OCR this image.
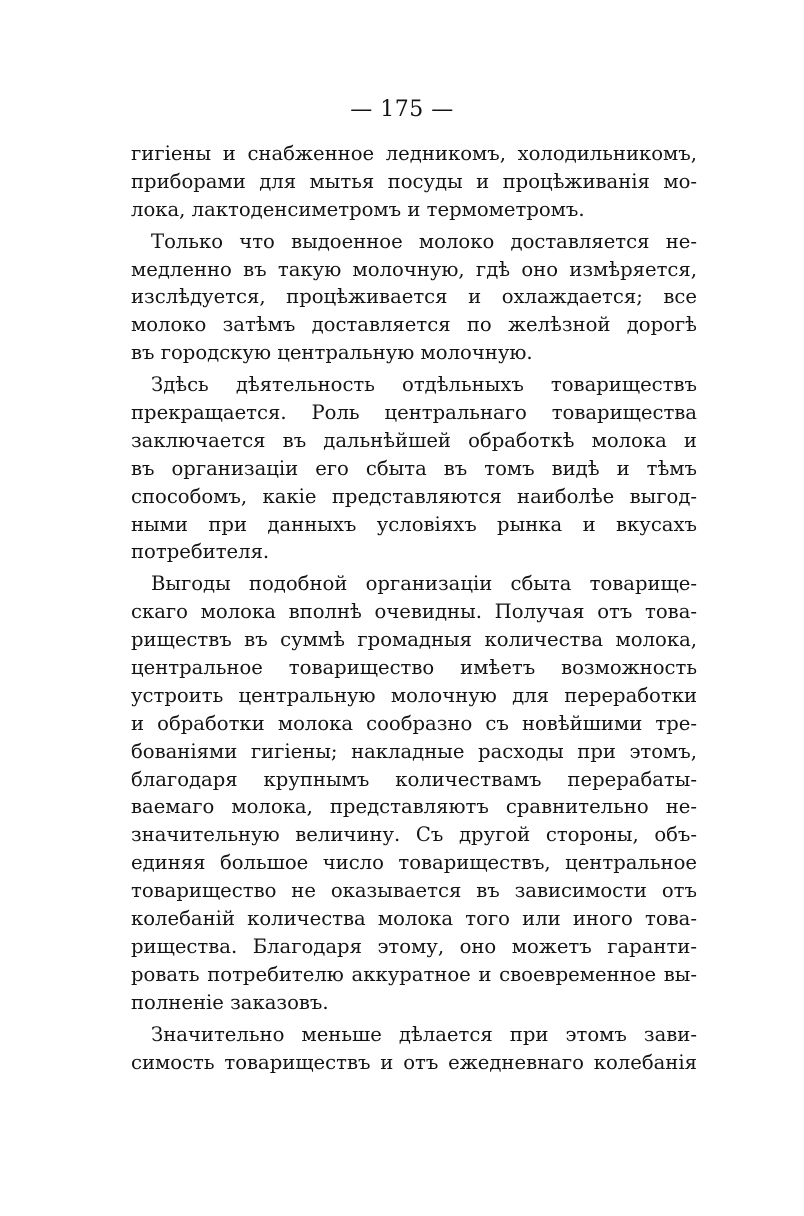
— 175 —
гигіены и снабженное ледникомъ, холодильникомъ,
приборами для мытья посуды и процѣживанія мо-
лока, лактоденсиметромъ и термометромъ.
Только что выдоенное молоко доставляется не-
медленно въ такую молочную, гдѣ оно измѣряется,
изслѣдуется, процѣживается и охлаждается; все
молоко затѣмъ доставляется по желѣзной дорогѣ
въ городскую центральную молочную.
Здѣсь дѣятельность отдѣльныхъ товариществъ
прекращается. Роль центральнаго товарищества
заключается въ дальнѣйшей обработкѣ молока и
въ организаціи его сбыта въ томъ видѣ и тѣмъ
способомъ, какіе представляются наиболѣе выгод-
ными при данныхъ условіяхъ рынка и вкусахъ
потребителя.
Выгоды подобной организаціи сбыта товарище-
скаго молока вполнѣ очевидны. Получая отъ това-
риществъ въ суммѣ громадныя количества молока,
центральное товарищество имѣетъ возможность
устроить центральную молочную для переработки
и обработки молока сообразно съ новѣйшими тре-
бованіями гигіены; накладные расходы при этомъ,
благодаря крупнымъ количествамъ перерабаты-
ваемаго молока, представляютъ сравнительно не-
значительную величину. Съ другой стороны, объ-
единяя большое число товариществъ, центральное
товарищество не оказывается въ зависимости отъ
колебаній количества молока того или иного това-
рищества. Благодаря этому, оно можетъ гаранти-
ровать потребителю аккуратное и своевременное вы-
полненіе заказовъ.
Значительно меньше дѣлается при этомъ зави-
симость товариществъ и отъ ежедневнаго колебанія
